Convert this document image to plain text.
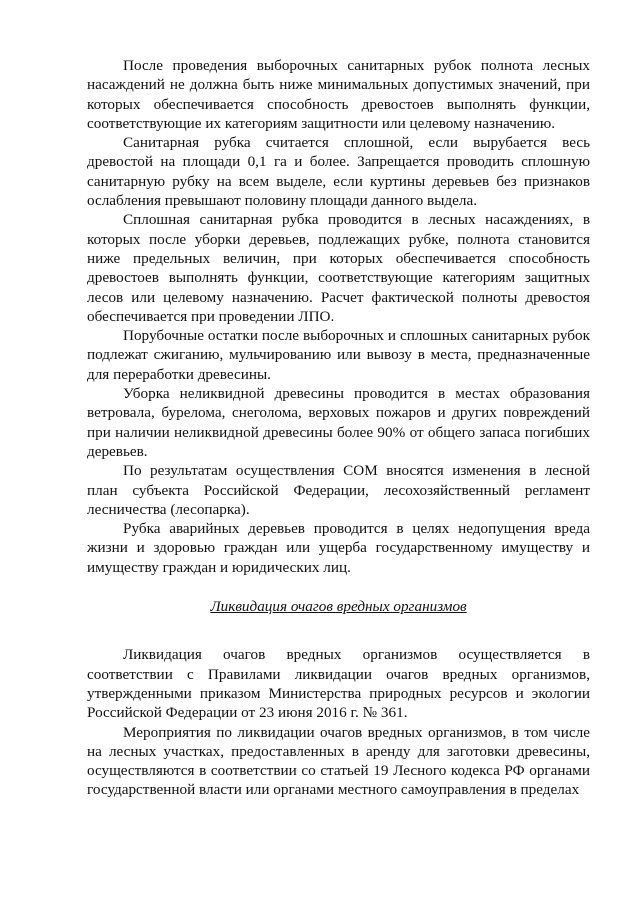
После проведения выборочных санитарных рубок полнота лесных насаждений не должна быть ниже минимальных допустимых значений, при которых обеспечивается способность древостоев выполнять функции, соответствующие их категориям защитности или целевому назначению.

Санитарная рубка считается сплошной, если вырубается весь древостой на площади 0,1 га и более. Запрещается проводить сплошную санитарную рубку на всем выделе, если куртины деревьев без признаков ослабления превышают половину площади данного выдела.

Сплошная санитарная рубка проводится в лесных насаждениях, в которых после уборки деревьев, подлежащих рубке, полнота становится ниже предельных величин, при которых обеспечивается способность древостоев выполнять функции, соответствующие категориям защитных лесов или целевому назначению. Расчет фактической полноты древостоя обеспечивается при проведении ЛПО.

Порубочные остатки после выборочных и сплошных санитарных рубок подлежат сжиганию, мульчированию или вывозу в места, предназначенные для переработки древесины.

Уборка неликвидной древесины проводится в местах образования ветровала, бурелома, снеголома, верховых пожаров и других повреждений при наличии неликвидной древесины более 90% от общего запаса погибших деревьев.

По результатам осуществления СОМ вносятся изменения в лесной план субъекта Российской Федерации, лесохозяйственный регламент лесничества (лесопарка).

Рубка аварийных деревьев проводится в целях недопущения вреда жизни и здоровью граждан или ущерба государственному имуществу и имуществу граждан и юридических лиц.

Ликвидация очагов вредных организмов

Ликвидация очагов вредных организмов осуществляется в соответствии с Правилами ликвидации очагов вредных организмов, утвержденными приказом Министерства природных ресурсов и экологии Российской Федерации от 23 июня 2016 г. № 361.

Мероприятия по ликвидации очагов вредных организмов, в том числе на лесных участках, предоставленных в аренду для заготовки древесины, осуществляются в соответствии со статьей 19 Лесного кодекса РФ органами государственной власти или органами местного самоуправления в пределах
